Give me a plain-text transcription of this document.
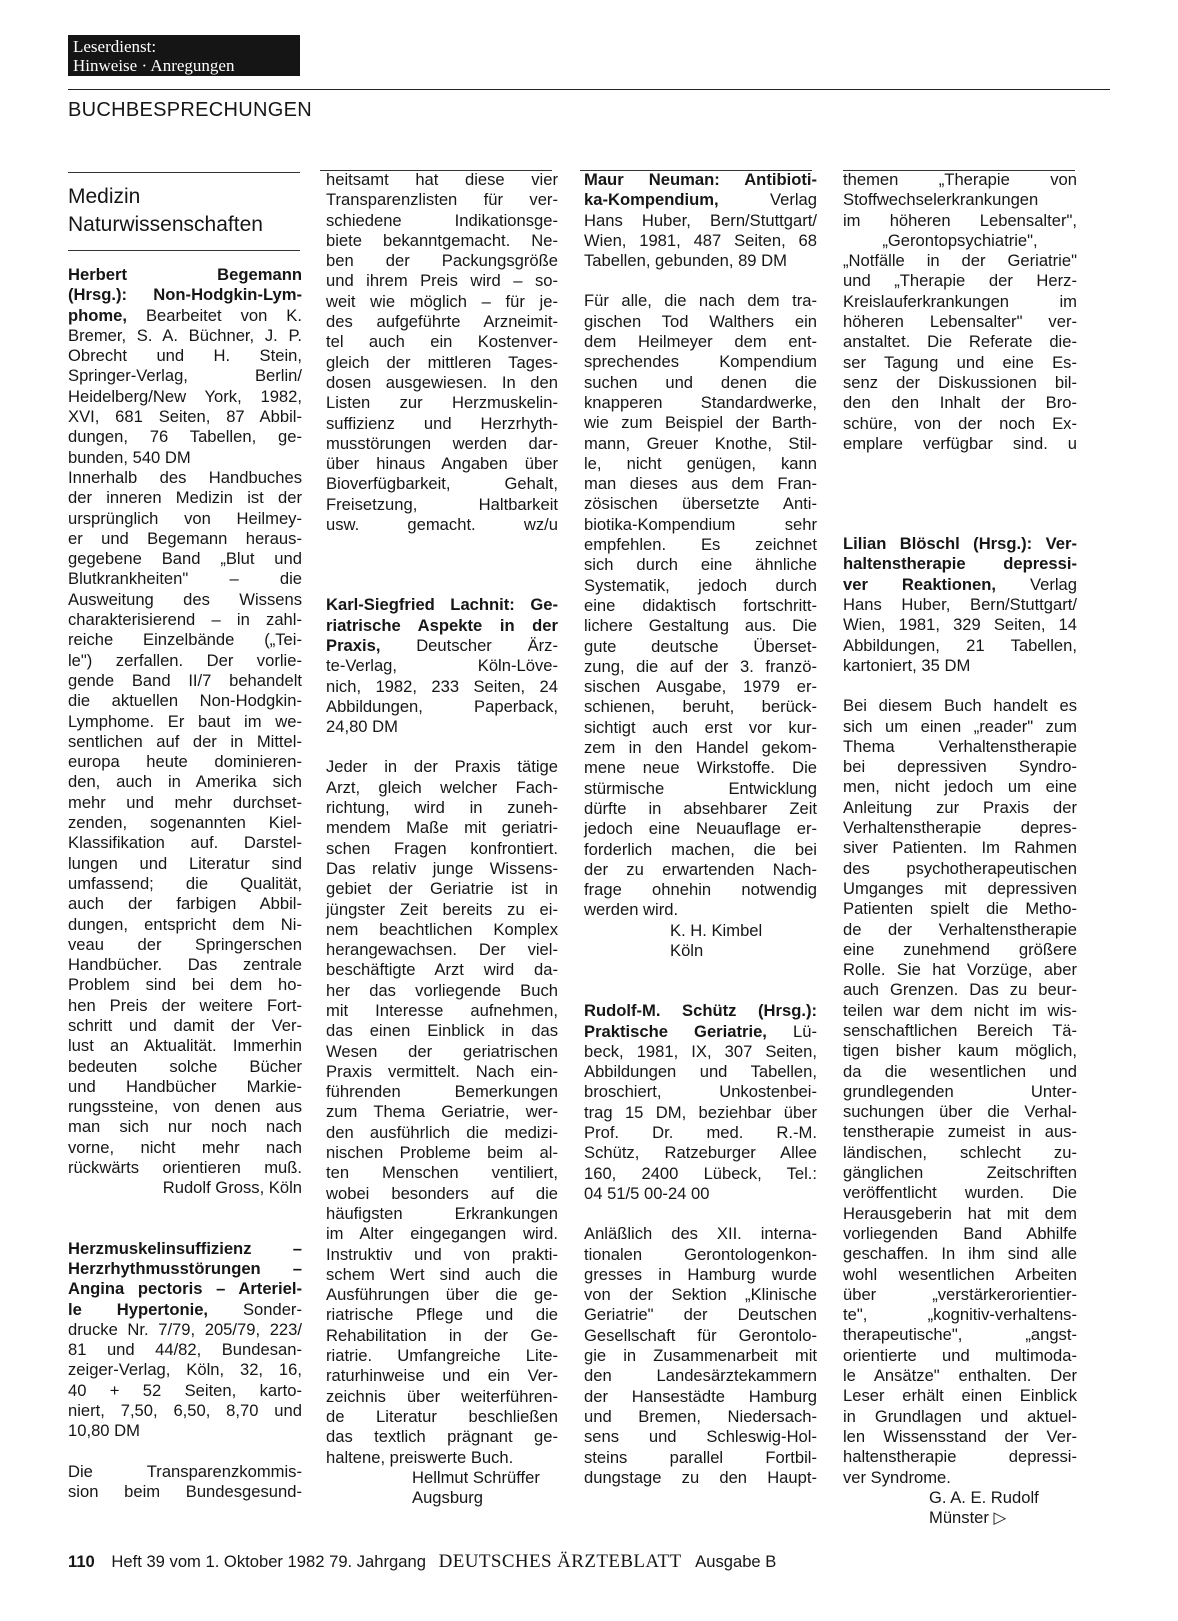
Leserdienst:
Hinweise · Anregungen
BUCHBESPRECHUNGEN
Medizin
Naturwissenschaften
Herbert Begemann
(Hrsg.): Non-Hodgkin-Lym-
phome, Bearbeitet von K.
Bremer, S. A. Büchner, J. P.
Obrecht und H. Stein,
Springer-Verlag, Berlin/
Heidelberg/New York, 1982,
XVI, 681 Seiten, 87 Abbil-
dungen, 76 Tabellen, ge-
bunden, 540 DM
Innerhalb des Handbuches
der inneren Medizin ist der
ursprünglich von Heilmey-
er und Begemann heraus-
gegebene Band „Blut und
Blutkrankheiten" – die
Ausweitung des Wissens
charakterisierend – in zahl-
reiche Einzelbände („Tei-
le") zerfallen. Der vorlie-
gende Band II/7 behandelt
die aktuellen Non-Hodgkin-
Lymphome. Er baut im we-
sentlichen auf der in Mittel-
europa heute dominieren-
den, auch in Amerika sich
mehr und mehr durchset-
zenden, sogenannten Kiel-
Klassifikation auf. Darstel-
lungen und Literatur sind
umfassend; die Qualität,
auch der farbigen Abbil-
dungen, entspricht dem Ni-
veau der Springerschen
Handbücher. Das zentrale
Problem sind bei dem ho-
hen Preis der weitere Fort-
schritt und damit der Ver-
lust an Aktualität. Immerhin
bedeuten solche Bücher
und Handbücher Markie-
rungssteine, von denen aus
man sich nur noch nach
vorne, nicht mehr nach
rückwärts orientieren muß.
Rudolf Gross, Köln
Herzmuskelinsuffizienz –
Herzrhythmusstörungen –
Angina pectoris – Arteriel-
le Hypertonie, Sonder-
drucke Nr. 7/79, 205/79, 223/
81 und 44/82, Bundesan-
zeiger-Verlag, Köln, 32, 16,
40 + 52 Seiten, karto-
niert, 7,50, 6,50, 8,70 und
10,80 DM
Die Transparenzkommis-
sion beim Bundesgesund-
heitsamt hat diese vier
Transparenzlisten für ver-
schiedene Indikationsge-
biete bekanntgemacht. Ne-
ben der Packungsgröße
und ihrem Preis wird – so-
weit wie möglich – für je-
des aufgeführte Arzneimit-
tel auch ein Kostenver-
gleich der mittleren Tages-
dosen ausgewiesen. In den
Listen zur Herzmuskelin-
suffizienz und Herzrhyth-
musstörungen werden dar-
über hinaus Angaben über
Bioverfügbarkeit, Gehalt,
Freisetzung, Haltbarkeit
usw. gemacht. wz/u
Karl-Siegfried Lachnit: Ge-
riatrische Aspekte in der
Praxis, Deutscher Ärz-
te-Verlag, Köln-Löve-
nich, 1982, 233 Seiten, 24
Abbildungen, Paperback,
24,80 DM
Jeder in der Praxis tätige
Arzt, gleich welcher Fach-
richtung, wird in zuneh-
mendem Maße mit geriatri-
schen Fragen konfrontiert.
Das relativ junge Wissens-
gebiet der Geriatrie ist in
jüngster Zeit bereits zu ei-
nem beachtlichen Komplex
herangewachsen. Der viel-
beschäftigte Arzt wird da-
her das vorliegende Buch
mit Interesse aufnehmen,
das einen Einblick in das
Wesen der geriatrischen
Praxis vermittelt. Nach ein-
führenden Bemerkungen
zum Thema Geriatrie, wer-
den ausführlich die medizi-
nischen Probleme beim al-
ten Menschen ventiliert,
wobei besonders auf die
häufigsten Erkrankungen
im Alter eingegangen wird.
Instruktiv und von prakti-
schem Wert sind auch die
Ausführungen über die ge-
riatrische Pflege und die
Rehabilitation in der Ge-
riatrie. Umfangreiche Lite-
raturhinweise und ein Ver-
zeichnis über weiterführen-
de Literatur beschließen
das textlich prägnant ge-
haltene, preiswerte Buch.
Hellmut Schrüffer
Augsburg
Maur Neuman: Antibioti-
ka-Kompendium, Verlag
Hans Huber, Bern/Stuttgart/
Wien, 1981, 487 Seiten, 68
Tabellen, gebunden, 89 DM
Für alle, die nach dem tra-
gischen Tod Walthers ein
dem Heilmeyer dem ent-
sprechendes Kompendium
suchen und denen die
knapperen Standardwerke,
wie zum Beispiel der Barth-
mann, Greuer Knothe, Stil-
le, nicht genügen, kann
man dieses aus dem Fran-
zösischen übersetzte Anti-
biotika-Kompendium sehr
empfehlen. Es zeichnet
sich durch eine ähnliche
Systematik, jedoch durch
eine didaktisch fortschritt-
lichere Gestaltung aus. Die
gute deutsche Überset-
zung, die auf der 3. franzö-
sischen Ausgabe, 1979 er-
schienen, beruht, berück-
sichtigt auch erst vor kur-
zem in den Handel gekom-
mene neue Wirkstoffe. Die
stürmische Entwicklung
dürfte in absehbarer Zeit
jedoch eine Neuauflage er-
forderlich machen, die bei
der zu erwartenden Nach-
frage ohnehin notwendig
werden wird.
K. H. Kimbel
Köln
Rudolf-M. Schütz (Hrsg.):
Praktische Geriatrie, Lü-
beck, 1981, IX, 307 Seiten,
Abbildungen und Tabellen,
broschiert, Unkostenbei-
trag 15 DM, beziehbar über
Prof. Dr. med. R.-M.
Schütz, Ratzeburger Allee
160, 2400 Lübeck, Tel.:
04 51/5 00-24 00
Anläßlich des XII. interna-
tionalen Gerontologenkon-
gresses in Hamburg wurde
von der Sektion „Klinische
Geriatrie" der Deutschen
Gesellschaft für Gerontolo-
gie in Zusammenarbeit mit
den Landesärztekammern
der Hansestädte Hamburg
und Bremen, Niedersach-
sens und Schleswig-Hol-
steins parallel Fortbil-
dungstage zu den Haupt-
themen „Therapie von
Stoffwechselerkrankungen
im höheren Lebensalter",
„Gerontopsychiatrie",
„Notfälle in der Geriatrie"
und „Therapie der Herz-
Kreislauferkrankungen im
höheren Lebensalter" ver-
anstaltet. Die Referate die-
ser Tagung und eine Es-
senz der Diskussionen bil-
den den Inhalt der Bro-
schüre, von der noch Ex-
emplare verfügbar sind. u
Lilian Blöschl (Hrsg.): Ver-
haltenstherapie depressi-
ver Reaktionen, Verlag
Hans Huber, Bern/Stuttgart/
Wien, 1981, 329 Seiten, 14
Abbildungen, 21 Tabellen,
kartoniert, 35 DM
Bei diesem Buch handelt es
sich um einen „reader" zum
Thema Verhaltenstherapie
bei depressiven Syndro-
men, nicht jedoch um eine
Anleitung zur Praxis der
Verhaltenstherapie depres-
siver Patienten. Im Rahmen
des psychotherapeutischen
Umganges mit depressiven
Patienten spielt die Metho-
de der Verhaltenstherapie
eine zunehmend größere
Rolle. Sie hat Vorzüge, aber
auch Grenzen. Das zu beur-
teilen war dem nicht im wis-
senschaftlichen Bereich Tä-
tigen bisher kaum möglich,
da die wesentlichen und
grundlegenden Unter-
suchungen über die Verhal-
tenstherapie zumeist in aus-
ländischen, schlecht zu-
gänglichen Zeitschriften
veröffentlicht wurden. Die
Herausgeberin hat mit dem
vorliegenden Band Abhilfe
geschaffen. In ihm sind alle
wohl wesentlichen Arbeiten
über „verstärkerorientier-
te", „kognitiv-verhaltens-
therapeutische", „angst-
orientierte und multimoda-
le Ansätze" enthalten. Der
Leser erhält einen Einblick
in Grundlagen und aktuel-
len Wissensstand der Ver-
haltenstherapie depressi-
ver Syndrome.
G. A. E. Rudolf
Münster ▷
110 Heft 39 vom 1. Oktober 1982 79. Jahrgang DEUTSCHES ÄRZTEBLATT Ausgabe B
